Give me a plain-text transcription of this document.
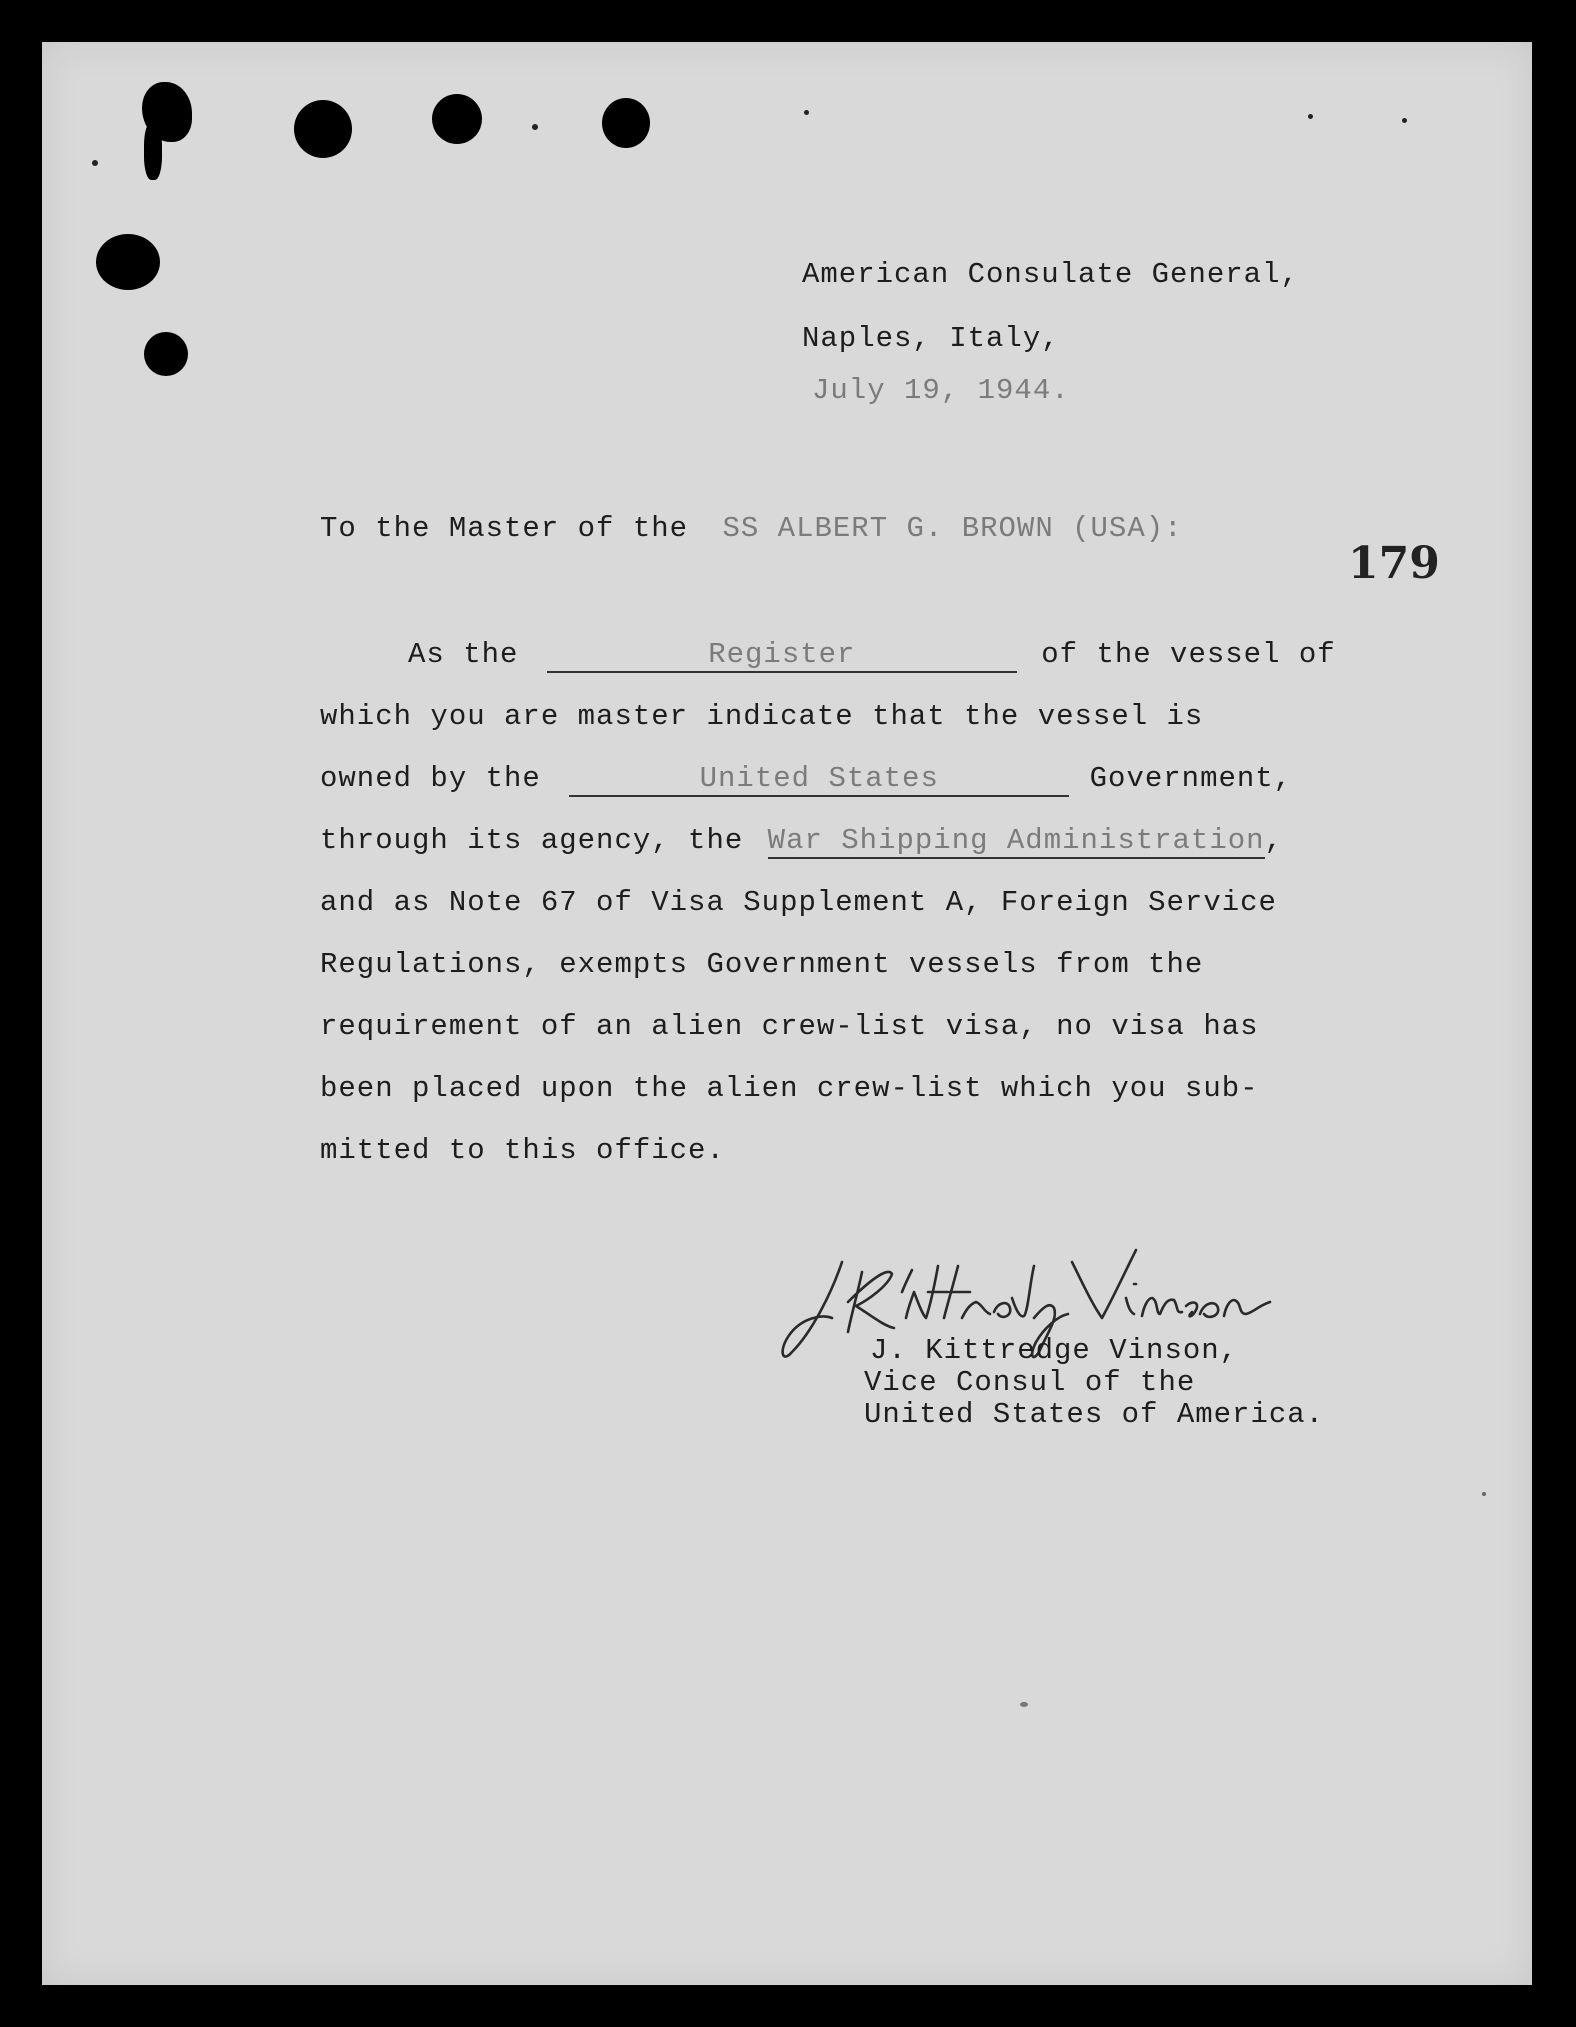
American Consulate General,
Naples, Italy,
July 19, 1944.
179
To the Master of the SS ALBERT G. BROWN (USA):
As the	Register	of the vessel of
which you are master indicate that the vessel is
owned by the	United States	Government,
through its agency, the War Shipping Administration,
and as Note 67 of Visa Supplement A, Foreign Service
Regulations, exempts Government vessels from the
requirement of an alien crew-list visa, no visa has
been placed upon the alien crew-list which you sub-
mitted to this office.
J. Kittredge Vinson,
Vice Consul of the
United States of America.
